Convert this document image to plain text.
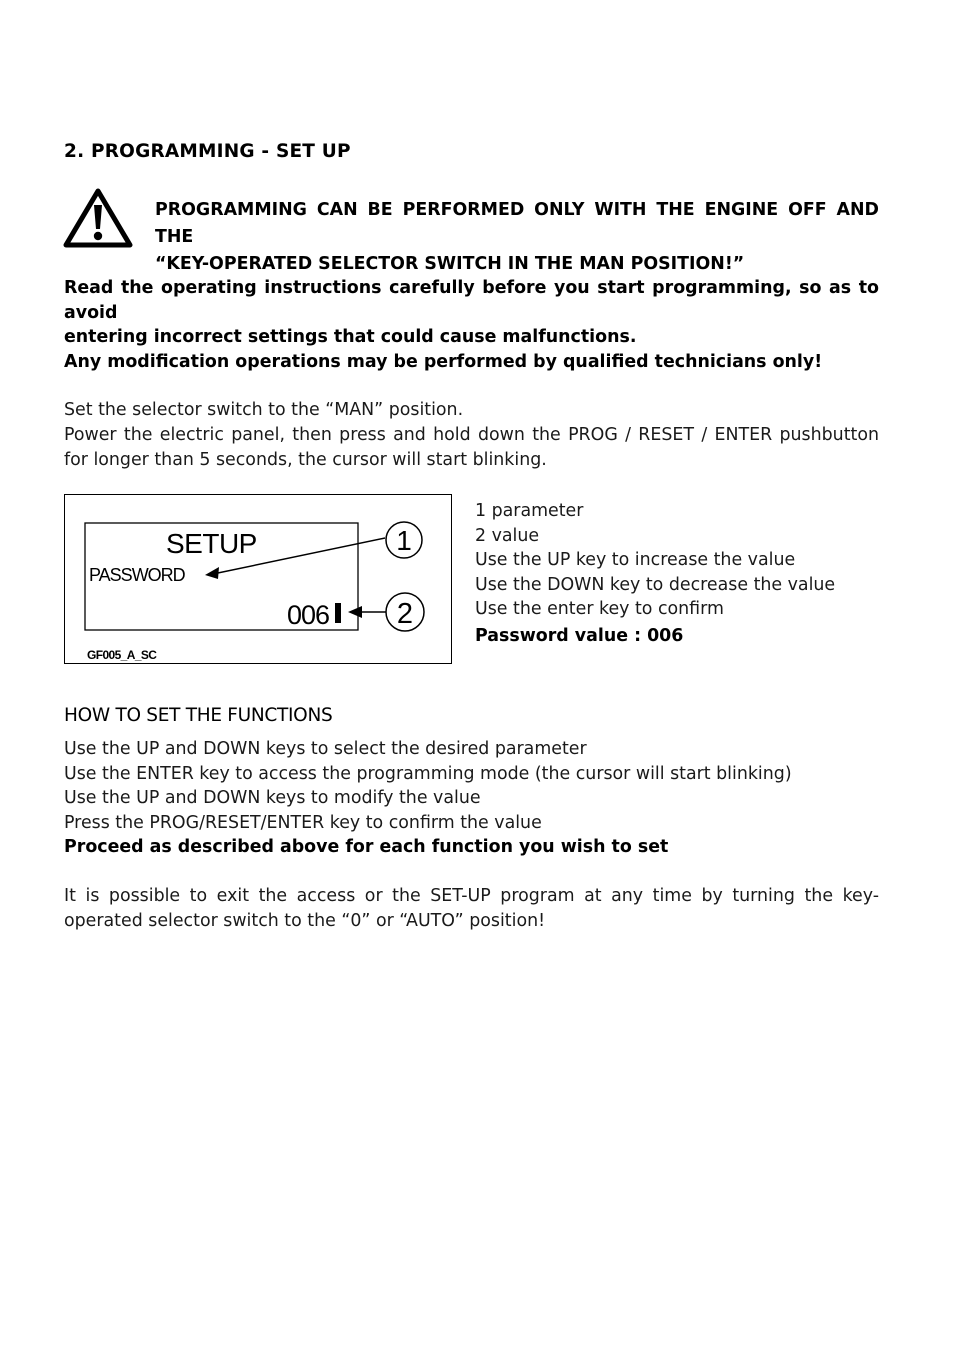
2. PROGRAMMING - SET UP
PROGRAMMING CAN BE PERFORMED ONLY WITH THE ENGINE OFF AND THE
“KEY-OPERATED SELECTOR SWITCH IN THE MAN POSITION!”
Read the operating instructions carefully before you start programming, so as to avoid
entering incorrect settings that could cause malfunctions.
Any modification operations may be performed by qualified technicians only!
Set the selector switch to the “MAN” position.
Power the electric panel, then press and hold down the PROG / RESET / ENTER pushbutton
for longer than 5 seconds, the cursor will start blinking.
SETUP
PASSWORD
006
1
2
GF005_A_SC
1 parameter
2 value
Use the UP key to increase the value
Use the DOWN key to decrease the value
Use the enter key to confirm
Password value : 006
HOW TO SET THE FUNCTIONS
Use the UP and DOWN keys to select the desired parameter
Use the ENTER key to access the programming mode (the cursor will start blinking)
Use the UP and DOWN keys to modify the value
Press the PROG/RESET/ENTER key to confirm the value
Proceed as described above for each function you wish to set
It is possible to exit the access or the SET-UP program at any time by turning the key-
operated selector switch to the “0” or “AUTO” position!
